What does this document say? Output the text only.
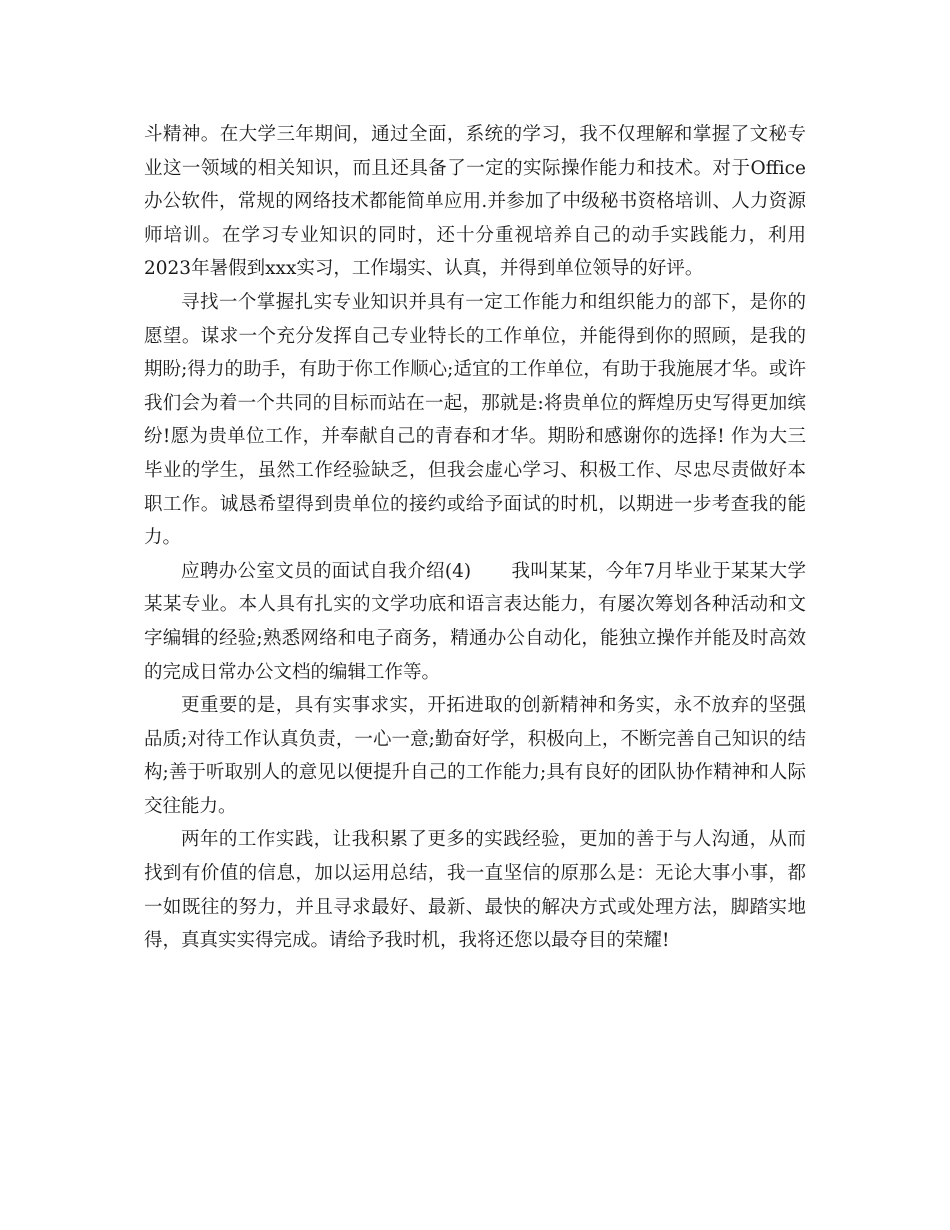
斗精神。在大学三年期间，通过全面，系统的学习，我不仅理解和掌握了文秘专业这一领域的相关知识，而且还具备了一定的实际操作能力和技术。对于Office办公软件，常规的网络技术都能简单应用.并参加了中级秘书资格培训、人力资源师培训。在学习专业知识的同时，还十分重视培养自己的动手实践能力，利用2023年暑假到xxx实习，工作塌实、认真，并得到单位领导的好评。

寻找一个掌握扎实专业知识并具有一定工作能力和组织能力的部下，是你的愿望。谋求一个充分发挥自己专业特长的工作单位，并能得到你的照顾，是我的期盼;得力的助手，有助于你工作顺心;适宜的工作单位，有助于我施展才华。或许我们会为着一个共同的目标而站在一起，那就是:将贵单位的辉煌历史写得更加缤纷!愿为贵单位工作，并奉献自己的青春和才华。期盼和感谢你的选择! 作为大三毕业的学生，虽然工作经验缺乏，但我会虚心学习、积极工作、尽忠尽责做好本职工作。诚恳希望得到贵单位的接约或给予面试的时机，以期进一步考查我的能力。

应聘办公室文员的面试自我介绍(4) 我叫某某，今年7月毕业于某某大学某某专业。本人具有扎实的文学功底和语言表达能力，有屡次筹划各种活动和文字编辑的经验;熟悉网络和电子商务，精通办公自动化，能独立操作并能及时高效的完成日常办公文档的编辑工作等。

更重要的是，具有实事求实，开拓进取的创新精神和务实，永不放弃的坚强品质;对待工作认真负责，一心一意;勤奋好学，积极向上，不断完善自己知识的结构;善于听取别人的意见以便提升自己的工作能力;具有良好的团队协作精神和人际交往能力。

两年的工作实践，让我积累了更多的实践经验，更加的善于与人沟通，从而找到有价值的信息，加以运用总结，我一直坚信的原那么是：无论大事小事，都一如既往的努力，并且寻求最好、最新、最快的解决方式或处理方法，脚踏实地得，真真实实得完成。请给予我时机，我将还您以最夺目的荣耀!
